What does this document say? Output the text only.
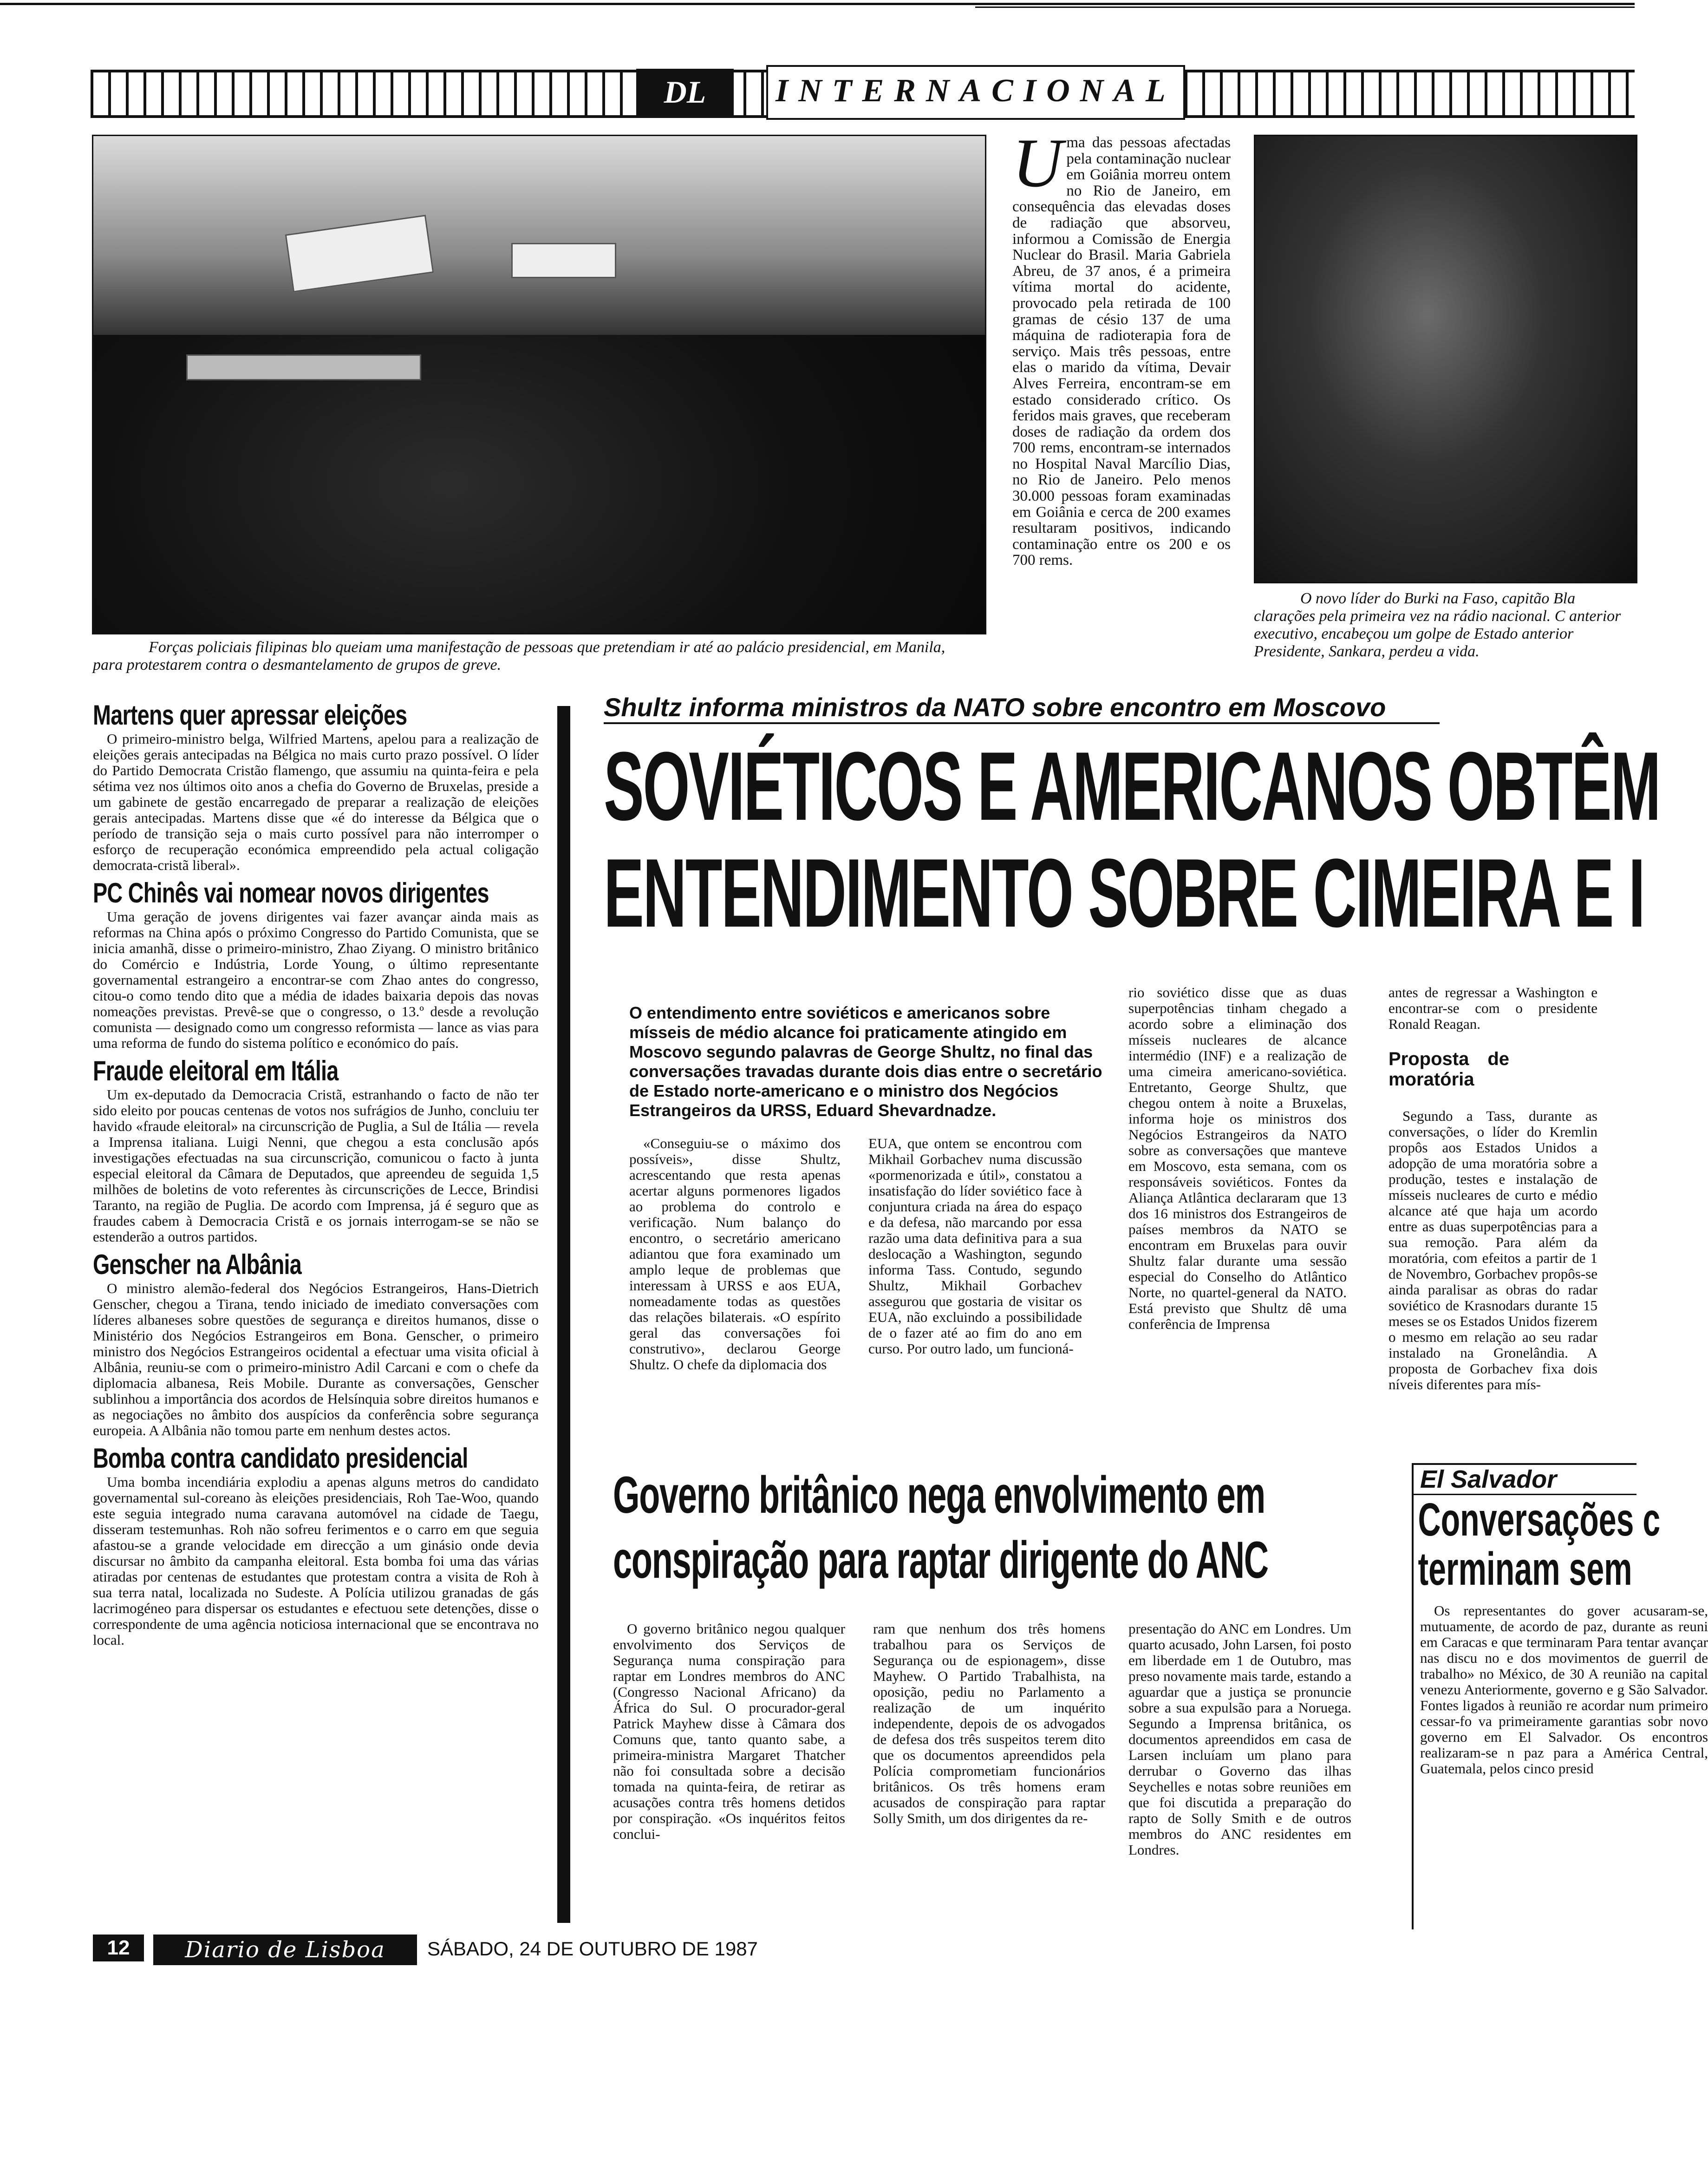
DL	INTERNACIONAL
Forças policiais filipinas blo queiam uma manifestação de pessoas que pretendiam ir até ao palácio presidencial, em Manila, para protestarem contra o desmantelamento de grupos de greve.
U ma das pessoas afectadas pela contaminação nuclear em Goiânia morreu ontem no Rio de Janeiro, em consequência das elevadas doses de radiação que absorveu, informou a Comissão de Energia Nuclear do Brasil. Maria Gabriela Abreu, de 37 anos, é a primeira vítima mortal do acidente, provocado pela retirada de 100 gramas de césio 137 de uma máquina de radioterapia fora de serviço. Mais três pessoas, entre elas o marido da vítima, Devair Alves Ferreira, encontram-se em estado considerado crítico. Os feridos mais graves, que receberam doses de radiação da ordem dos 700 rems, encontram-se internados no Hospital Naval Marcílio Dias, no Rio de Janeiro. Pelo menos 30.000 pessoas foram examinadas em Goiânia e cerca de 200 exames resultaram positivos, indicando contaminação entre os 200 e os 700 rems.
O novo líder do Burki na Faso, capitão Bla clarações pela primeira vez na rádio nacional. C anterior executivo, encabeçou um golpe de Estado anterior Presidente, Sankara, perdeu a vida.
Martens quer apressar eleições

O primeiro-ministro belga, Wilfried Martens, apelou para a realização de eleições gerais antecipadas na Bélgica no mais curto prazo possível. O líder do Partido Democrata Cristão flamengo, que assumiu na quinta-feira e pela sétima vez nos últimos oito anos a chefia do Governo de Bruxelas, preside a um gabinete de gestão encarregado de preparar a realização de eleições gerais antecipadas. Martens disse que «é do interesse da Bélgica que o período de transição seja o mais curto possível para não interromper o esforço de recuperação económica empreendido pela actual coligação democrata-cristã liberal».

PC Chinês vai nomear novos dirigentes

Uma geração de jovens dirigentes vai fazer avançar ainda mais as reformas na China após o próximo Congresso do Partido Comunista, que se inicia amanhã, disse o primeiro-ministro, Zhao Ziyang. O ministro britânico do Comércio e Indústria, Lorde Young, o último representante governamental estrangeiro a encontrar-se com Zhao antes do congresso, citou-o como tendo dito que a média de idades baixaria depois das novas nomeações previstas. Prevê-se que o congresso, o 13.º desde a revolução comunista — designado como um congresso reformista — lance as vias para uma reforma de fundo do sistema político e económico do país.

Fraude eleitoral em Itália

Um ex-deputado da Democracia Cristã, estranhando o facto de não ter sido eleito por poucas centenas de votos nos sufrágios de Junho, concluiu ter havido «fraude eleitoral» na circunscrição de Puglia, a Sul de Itália — revela a Imprensa italiana. Luigi Nenni, que chegou a esta conclusão após investigações efectuadas na sua circunscrição, comunicou o facto à junta especial eleitoral da Câmara de Deputados, que apreendeu de seguida 1,5 milhões de boletins de voto referentes às circunscrições de Lecce, Brindisi Taranto, na região de Puglia. De acordo com Imprensa, já é seguro que as fraudes cabem à Democracia Cristã e os jornais interrogam-se se não se estenderão a outros partidos.

Genscher na Albânia

O ministro alemão-federal dos Negócios Estrangeiros, Hans-Dietrich Genscher, chegou a Tirana, tendo iniciado de imediato conversações com líderes albaneses sobre questões de segurança e direitos humanos, disse o Ministério dos Negócios Estrangeiros em Bona. Genscher, o primeiro ministro dos Negócios Estrangeiros ocidental a efectuar uma visita oficial à Albânia, reuniu-se com o primeiro-ministro Adil Carcani e com o chefe da diplomacia albanesa, Reis Mobile. Durante as conversações, Genscher sublinhou a importância dos acordos de Helsínquia sobre direitos humanos e as negociações no âmbito dos auspícios da conferência sobre segurança europeia. A Albânia não tomou parte em nenhum destes actos.

Bomba contra candidato presidencial

Uma bomba incendiária explodiu a apenas alguns metros do candidato governamental sul-coreano às eleições presidenciais, Roh Tae-Woo, quando este seguia integrado numa caravana automóvel na cidade de Taegu, disseram testemunhas. Roh não sofreu ferimentos e o carro em que seguia afastou-se a grande velocidade em direcção a um ginásio onde devia discursar no âmbito da campanha eleitoral. Esta bomba foi uma das várias atiradas por centenas de estudantes que protestam contra a visita de Roh à sua terra natal, localizada no Sudeste. A Polícia utilizou granadas de gás lacrimogéneo para dispersar os estudantes e efectuou sete detenções, disse o correspondente de uma agência noticiosa internacional que se encontrava no local.

Shultz informa ministros da NATO sobre encontro em Moscovo
SOVIÉTICOS E AMERICANOS OBTÊM
ENTENDIMENTO SOBRE CIMEIRA E I
O entendimento entre soviéticos e americanos sobre mísseis de médio alcance foi praticamente atingido em Moscovo segundo palavras de George Shultz, no final das conversações travadas durante dois dias entre o secretário de Estado norte-americano e o ministro dos Negócios Estrangeiros da URSS, Eduard Shevardnadze.

«Conseguiu-se o máximo dos possíveis», disse Shultz, acrescentando que resta apenas acertar alguns pormenores ligados ao problema do controlo e verificação. Num balanço do encontro, o secretário americano adiantou que fora examinado um amplo leque de problemas que interessam à URSS e aos EUA, nomeadamente todas as questões das relações bilaterais. «O espírito geral das conversações foi construtivo», declarou George Shultz. O chefe da diplomacia dos

EUA, que ontem se encontrou com Mikhail Gorbachev numa discussão «pormenorizada e útil», constatou a insatisfação do líder soviético face à conjuntura criada na área do espaço e da defesa, não marcando por essa razão uma data definitiva para a sua deslocação a Washington, segundo informa Tass. Contudo, segundo Shultz, Mikhail Gorbachev assegurou que gostaria de visitar os EUA, não excluindo a possibilidade de o fazer até ao fim do ano em curso. Por outro lado, um funcioná-

rio soviético disse que as duas superpotências tinham chegado a acordo sobre a eliminação dos mísseis nucleares de alcance intermédio (INF) e a realização de uma cimeira americano-soviética. Entretanto, George Shultz, que chegou ontem à noite a Bruxelas, informa hoje os ministros dos Negócios Estrangeiros da NATO sobre as conversações que manteve em Moscovo, esta semana, com os responsáveis soviéticos. Fontes da Aliança Atlântica declararam que 13 dos 16 ministros dos Estrangeiros de países membros da NATO se encontram em Bruxelas para ouvir Shultz falar durante uma sessão especial do Conselho do Atlântico Norte, no quartel-general da NATO. Está previsto que Shultz dê uma conferência de Imprensa

antes de regressar a Washington e encontrar-se com o presidente Ronald Reagan.

Proposta de moratória

Segundo a Tass, durante as conversações, o líder do Kremlin propôs aos Estados Unidos a adopção de uma moratória sobre a produção, testes e instalação de mísseis nucleares de curto e médio alcance até que haja um acordo entre as duas superpotências para a sua remoção. Para além da moratória, com efeitos a partir de 1 de Novembro, Gorbachev propôs-se ainda paralisar as obras do radar soviético de Krasnodars durante 15 meses se os Estados Unidos fizerem o mesmo em relação ao seu radar instalado na Gronelândia. A proposta de Gorbachev fixa dois níveis diferentes para mís-

Governo britânico nega envolvimento em
conspiração para raptar dirigente do ANC

O governo britânico negou qualquer envolvimento dos Serviços de Segurança numa conspiração para raptar em Londres membros do ANC (Congresso Nacional Africano) da África do Sul. O procurador-geral Patrick Mayhew disse à Câmara dos Comuns que, tanto quanto sabe, a primeira-ministra Margaret Thatcher não foi consultada sobre a decisão tomada na quinta-feira, de retirar as acusações contra três homens detidos por conspiração. «Os inquéritos feitos conclui-

ram que nenhum dos três homens trabalhou para os Serviços de Segurança ou de espionagem», disse Mayhew. O Partido Trabalhista, na oposição, pediu no Parlamento a realização de um inquérito independente, depois de os advogados de defesa dos três suspeitos terem dito que os documentos apreendidos pela Polícia comprometiam funcionários britânicos. Os três homens eram acusados de conspiração para raptar Solly Smith, um dos dirigentes da re-

presentação do ANC em Londres. Um quarto acusado, John Larsen, foi posto em liberdade em 1 de Outubro, mas preso novamente mais tarde, estando a aguardar que a justiça se pronuncie sobre a sua expulsão para a Noruega. Segundo a Imprensa britânica, os documentos apreendidos em casa de Larsen incluíam um plano para derrubar o Governo das ilhas Seychelles e notas sobre reuniões em que foi discutida a preparação do rapto de Solly Smith e de outros membros do ANC residentes em Londres.

El Salvador
Conversações c
terminam sem

Os representantes do gover acusaram-se, mutuamente, de acordo de paz, durante as reuni em Caracas e que terminaram Para tentar avançar nas discu no e dos movimentos de guerril de trabalho» no México, de 30 A reunião na capital venezu Anteriormente, governo e g São Salvador. Fontes ligados à reunião re acordar num primeiro cessar-fo va primeiramente garantias sobr novo governo em El Salvador. Os encontros realizaram-se n paz para a América Central, Guatemala, pelos cinco presid

12	Diario de Lisboa	SÁBADO, 24 DE OUTUBRO DE 1987
